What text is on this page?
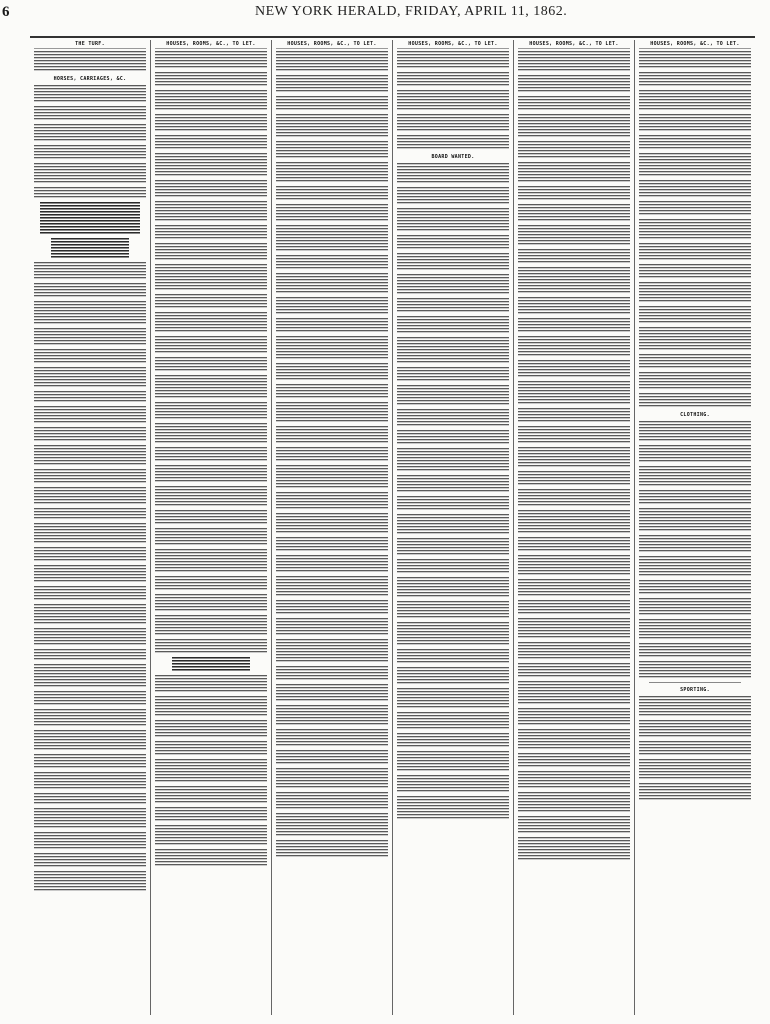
6	NEW YORK HERALD, FRIDAY, APRIL 11, 1862.
THE TURF.
HORSES, CARRIAGES, &C.
HOUSES, ROOMS, &C., TO LET.	HOUSES, ROOMS, &C., TO LET.	HOUSES, ROOMS, &C., TO LET.
BOARD WANTED.
HOUSES, ROOMS, &C., TO LET.	HOUSES, ROOMS, &C., TO LET.
CLOTHING.
SPORTING.
